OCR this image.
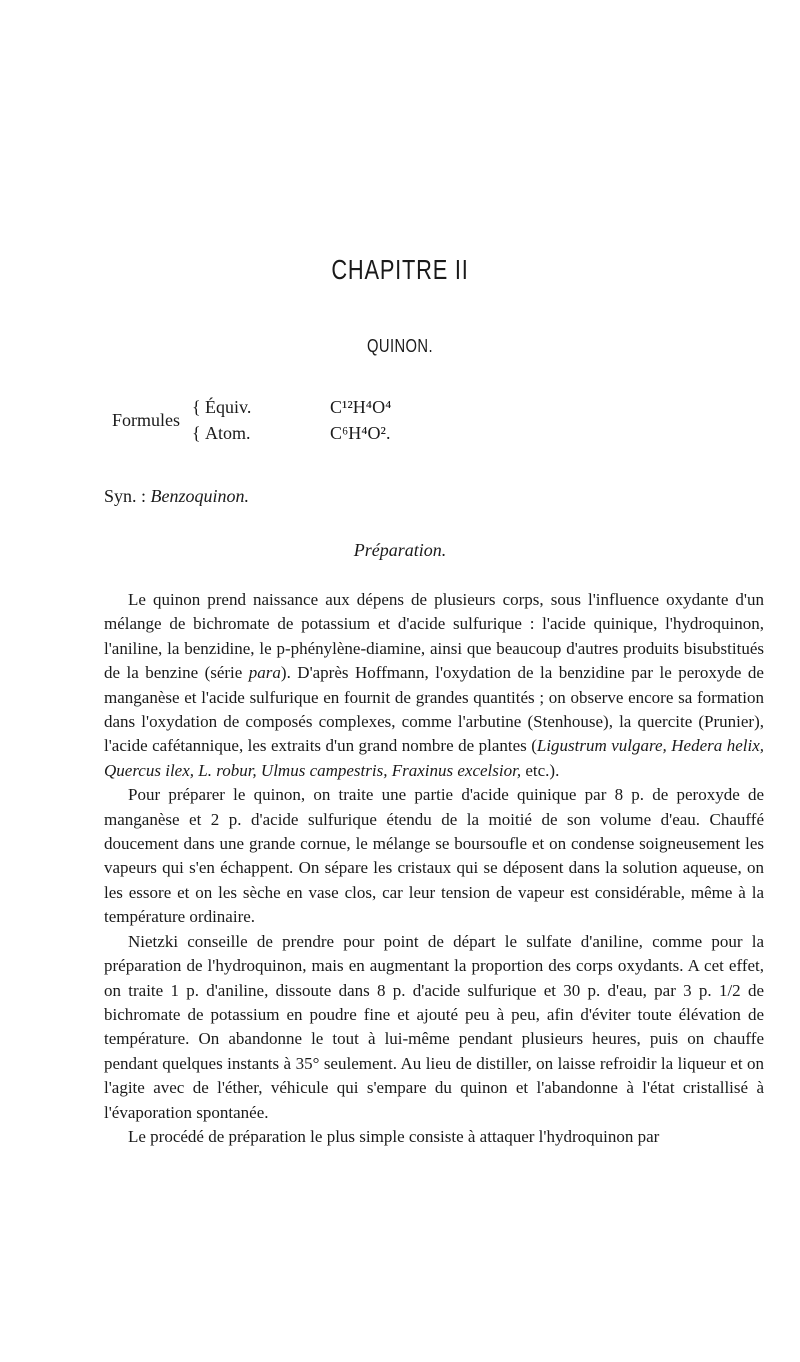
CHAPITRE II
QUINON.
Formules
{
{
Équiv.	C¹²H⁴O⁴
Atom.	C⁶H⁴O².
Syn. : Benzoquinon.
Préparation.

Le quinon prend naissance aux dépens de plusieurs corps, sous l'influence oxydante d'un mélange de bichromate de potassium et d'acide sulfurique : l'acide quinique, l'hydroquinon, l'aniline, la benzidine, le p-phénylène-diamine, ainsi que beaucoup d'autres produits bisubstitués de la benzine (série para). D'après Hoffmann, l'oxydation de la benzidine par le peroxyde de manganèse et l'acide sulfurique en fournit de grandes quantités ; on observe encore sa formation dans l'oxydation de composés complexes, comme l'arbutine (Stenhouse), la quercite (Prunier), l'acide cafétannique, les extraits d'un grand nombre de plantes (Ligustrum vulgare, Hedera helix, Quercus ilex, L. robur, Ulmus campestris, Fraxinus excelsior, etc.).

Pour préparer le quinon, on traite une partie d'acide quinique par 8 p. de peroxyde de manganèse et 2 p. d'acide sulfurique étendu de la moitié de son volume d'eau. Chauffé doucement dans une grande cornue, le mélange se boursoufle et on condense soigneusement les vapeurs qui s'en échappent. On sépare les cristaux qui se déposent dans la solution aqueuse, on les essore et on les sèche en vase clos, car leur tension de vapeur est considérable, même à la température ordinaire.

Nietzki conseille de prendre pour point de départ le sulfate d'aniline, comme pour la préparation de l'hydroquinon, mais en augmentant la proportion des corps oxydants. A cet effet, on traite 1 p. d'aniline, dissoute dans 8 p. d'acide sulfurique et 30 p. d'eau, par 3 p. 1/2 de bichromate de potassium en poudre fine et ajouté peu à peu, afin d'éviter toute élévation de température. On abandonne le tout à lui-même pendant plusieurs heures, puis on chauffe pendant quelques instants à 35° seulement. Au lieu de distiller, on laisse refroidir la liqueur et on l'agite avec de l'éther, véhicule qui s'empare du quinon et l'abandonne à l'état cristallisé à l'évaporation spontanée.

Le procédé de préparation le plus simple consiste à attaquer l'hydroquinon par
